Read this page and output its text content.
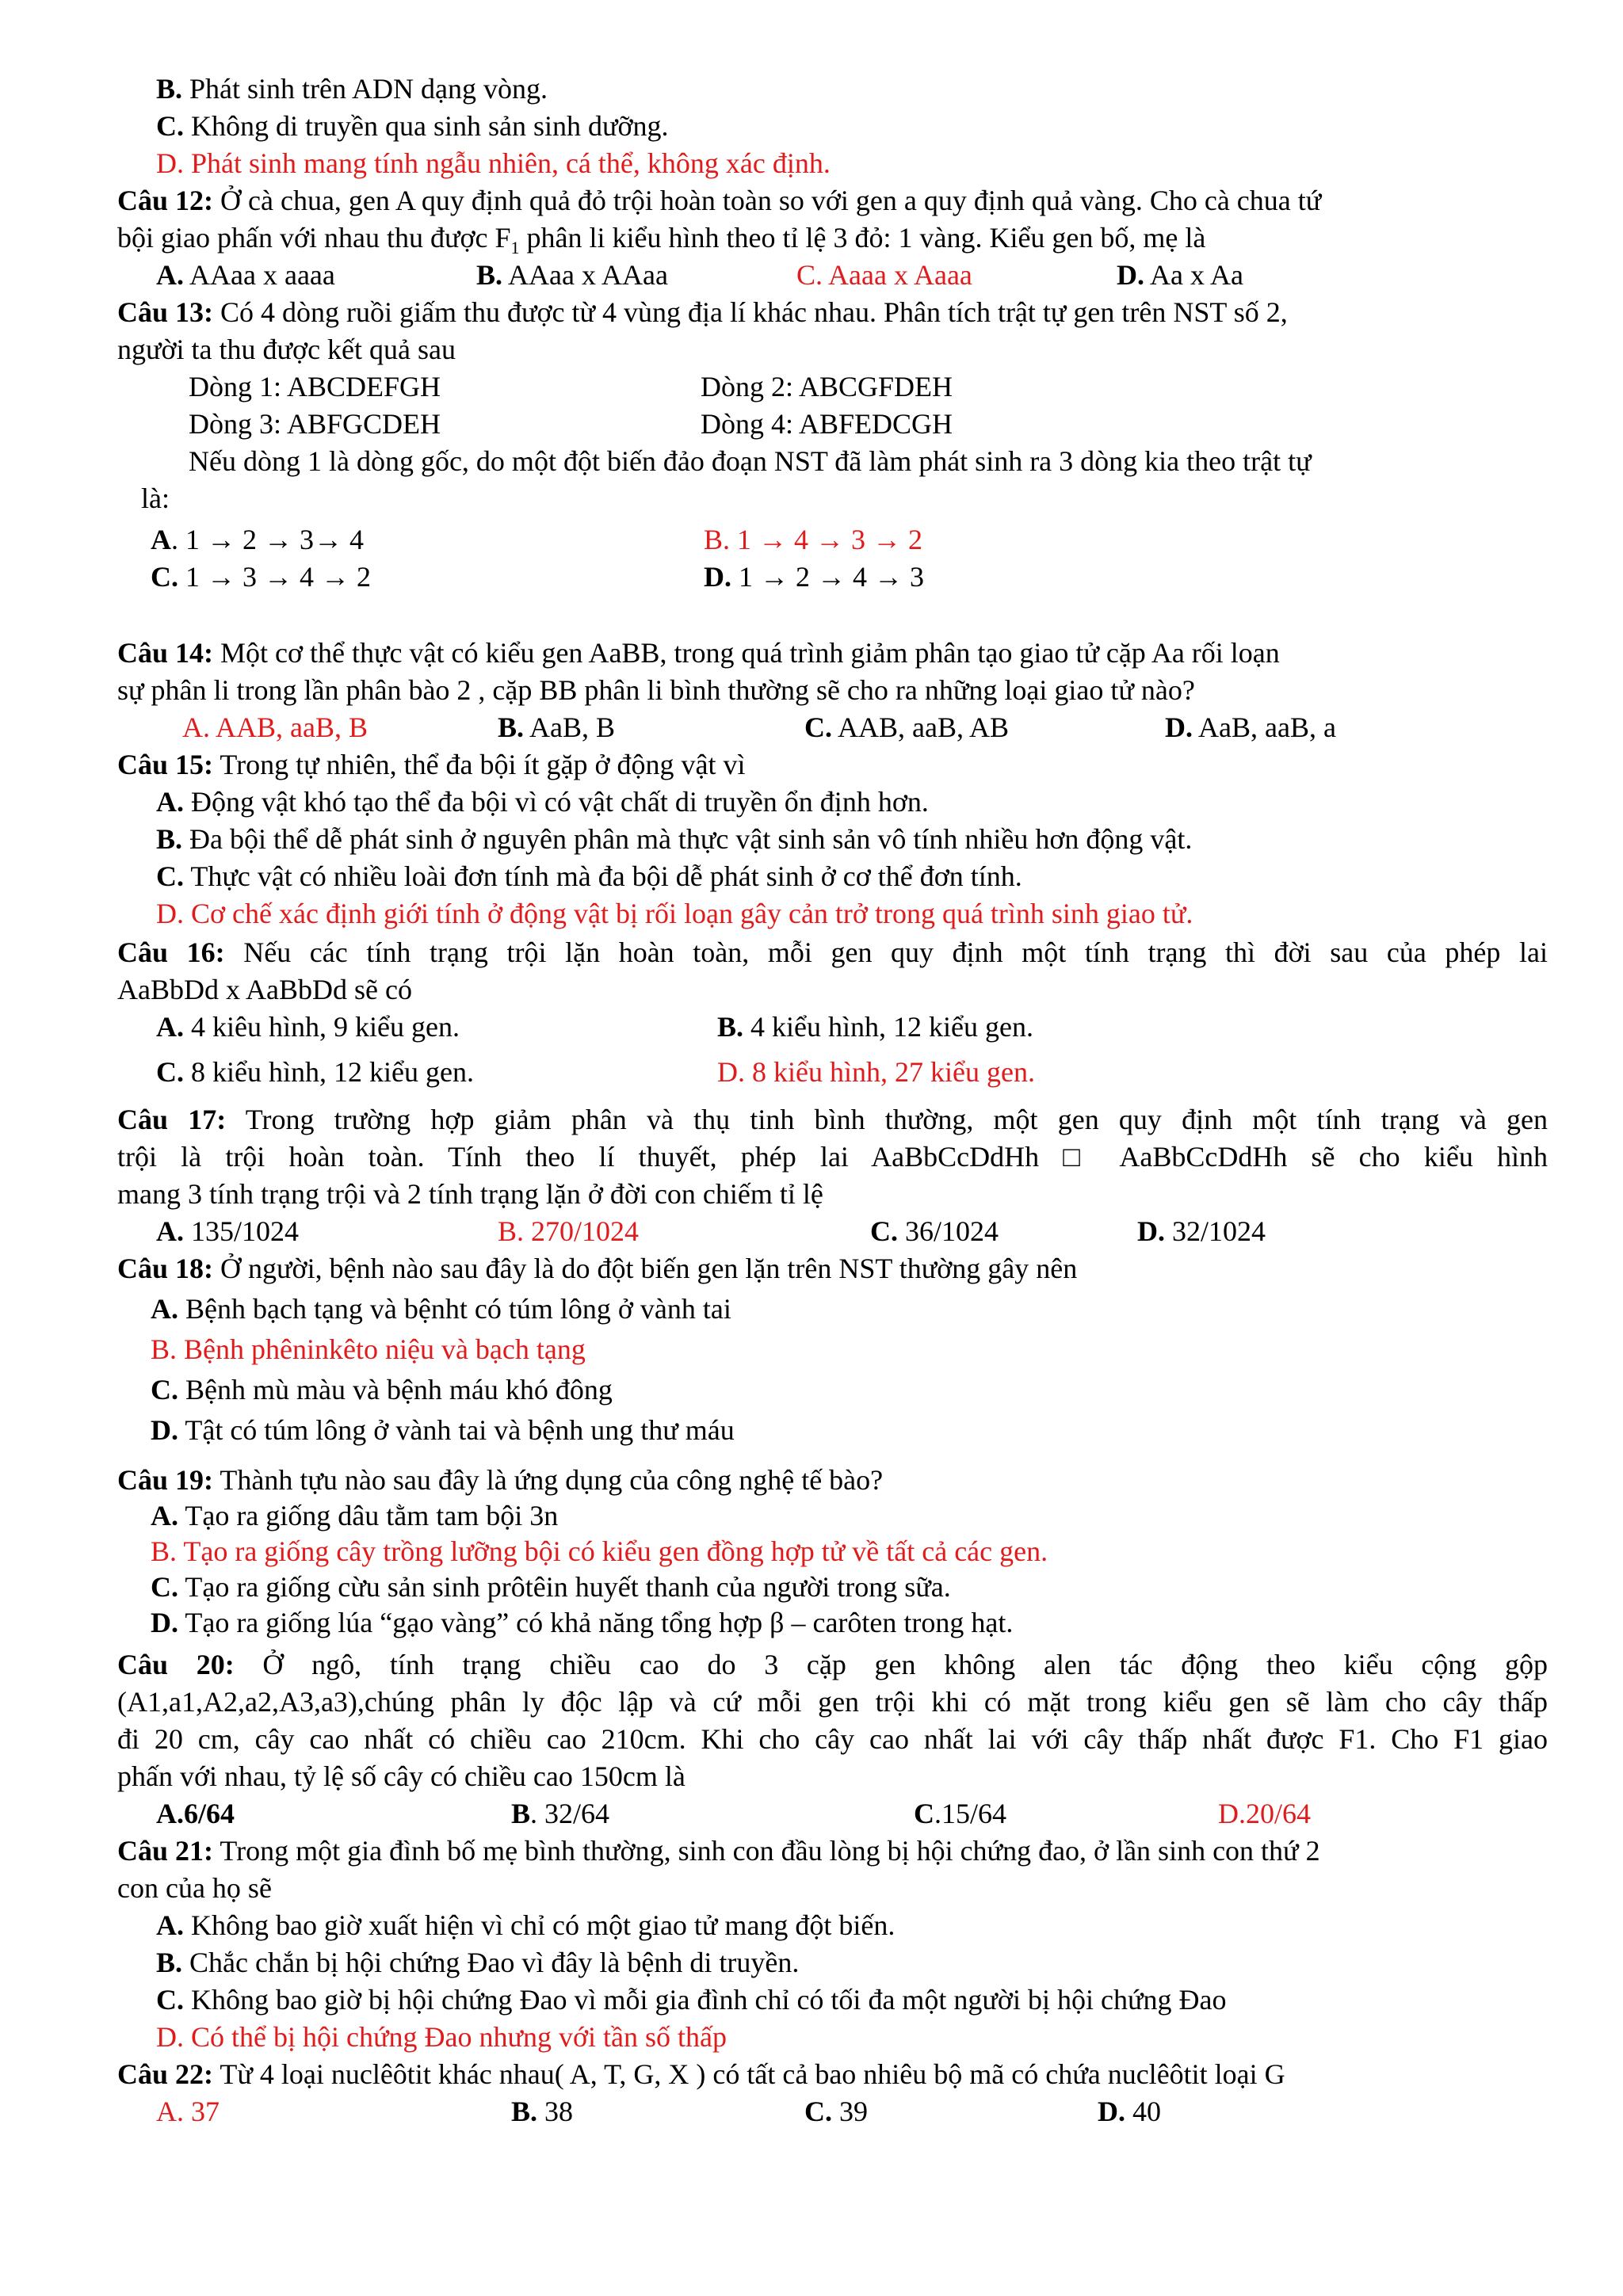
B. Phát sinh trên ADN dạng vòng.
C. Không di truyền qua sinh sản sinh dưỡng.
D. Phát sinh mang tính ngẫu nhiên, cá thể, không xác định.
Câu 12: Ở cà chua, gen A quy định quả đỏ trội hoàn toàn so với gen a quy định quả vàng. Cho cà chua tứ
bội giao phấn với nhau thu được $F_1$ phân li kiểu hình theo tỉ lệ 3 đỏ: 1 vàng. Kiểu gen bố, mẹ là
A. AAaa x aaaa	B. AAaa x AAaa	C. Aaaa x Aaaa	D. Aa x Aa
Câu 13: Có 4 dòng ruồi giấm thu được từ 4 vùng địa lí khác nhau. Phân tích trật tự gen trên NST số 2,
người ta thu được kết quả sau
Dòng 1: ABCDEFGH	Dòng 2: ABCGFDEH
Dòng 3: ABFGCDEH	Dòng 4: ABFEDCGH
Nếu dòng 1 là dòng gốc, do một đột biến đảo đoạn NST đã làm phát sinh ra 3 dòng kia theo trật tự
là:
A. 1 → 2 → 3→ 4	B. 1 → 4 → 3 → 2
C. 1 → 3 → 4 → 2	D. 1 → 2 → 4 → 3
Câu 14: Một cơ thể thực vật có kiểu gen AaBB, trong quá trình giảm phân tạo giao tử cặp Aa rối loạn
sự phân li trong lần phân bào 2 , cặp BB phân li bình thường sẽ cho ra những loại giao tử nào?
A. AAB, aaB, B	B. AaB, B	C. AAB, aaB, AB	D. AaB, aaB, a
Câu 15: Trong tự nhiên, thể đa bội ít gặp ở động vật vì
A. Động vật khó tạo thể đa bội vì có vật chất di truyền ổn định hơn.
B. Đa bội thể dễ phát sinh ở nguyên phân mà thực vật sinh sản vô tính nhiều hơn động vật.
C. Thực vật có nhiều loài đơn tính mà đa bội dễ phát sinh ở cơ thể đơn tính.
D. Cơ chế xác định giới tính ở động vật bị rối loạn gây cản trở trong quá trình sinh giao tử.
Câu 16: Nếu các tính trạng trội lặn hoàn toàn, mỗi gen quy định một tính trạng thì đời sau của phép lai
AaBbDd x AaBbDd sẽ có
A. 4 kiêu hình, 9 kiểu gen.	B. 4 kiểu hình, 12 kiểu gen.
C. 8 kiểu hình, 12 kiểu gen.	D. 8 kiểu hình, 27 kiểu gen.
Câu 17: Trong trường hợp giảm phân và thụ tinh bình thường, một gen quy định một tính trạng và gen
trội là trội hoàn toàn. Tính theo lí thuyết, phép lai AaBbCcDdHh □ AaBbCcDdHh sẽ cho kiểu hình
mang 3 tính trạng trội và 2 tính trạng lặn ở đời con chiếm tỉ lệ
A. 135/1024	B. 270/1024	C. 36/1024	D. 32/1024
Câu 18: Ở người, bệnh nào sau đây là do đột biến gen lặn trên NST thường gây nên
A. Bệnh bạch tạng và bệnht có túm lông ở vành tai
B. Bệnh phêninkêto niệu và bạch tạng
C. Bệnh mù màu và bệnh máu khó đông
D. Tật có túm lông ở vành tai và bệnh ung thư máu
Câu 19: Thành tựu nào sau đây là ứng dụng của công nghệ tế bào?
A. Tạo ra giống dâu tằm tam bội 3n
B. Tạo ra giống cây trồng lưỡng bội có kiểu gen đồng hợp tử về tất cả các gen.
C. Tạo ra giống cừu sản sinh prôtêin huyết thanh của người trong sữa.
D. Tạo ra giống lúa “gạo vàng” có khả năng tổng hợp β – carôten trong hạt.
Câu 20: Ở ngô, tính trạng chiều cao do 3 cặp gen không alen tác động theo kiểu cộng gộp
(A1,a1,A2,a2,A3,a3),chúng phân ly độc lập và cứ mỗi gen trội khi có mặt trong kiểu gen sẽ làm cho cây thấp
đi 20 cm, cây cao nhất có chiều cao 210cm. Khi cho cây cao nhất lai với cây thấp nhất được F1. Cho F1 giao
phấn với nhau, tỷ lệ số cây có chiều cao 150cm là
A.6/64	B. 32/64	C.15/64	D.20/64
Câu 21: Trong một gia đình bố mẹ bình thường, sinh con đầu lòng bị hội chứng đao, ở lần sinh con thứ 2
con của họ sẽ
A. Không bao giờ xuất hiện vì chỉ có một giao tử mang đột biến.
B. Chắc chắn bị hội chứng Đao vì đây là bệnh di truyền.
C. Không bao giờ bị hội chứng Đao vì mỗi gia đình chỉ có tối đa một người bị hội chứng Đao
D. Có thể bị hội chứng Đao nhưng với tần số thấp
Câu 22: Từ 4 loại nuclêôtit khác nhau( A, T, G, X ) có tất cả bao nhiêu bộ mã có chứa nuclêôtit loại G
A. 37	B. 38	C. 39	D. 40
